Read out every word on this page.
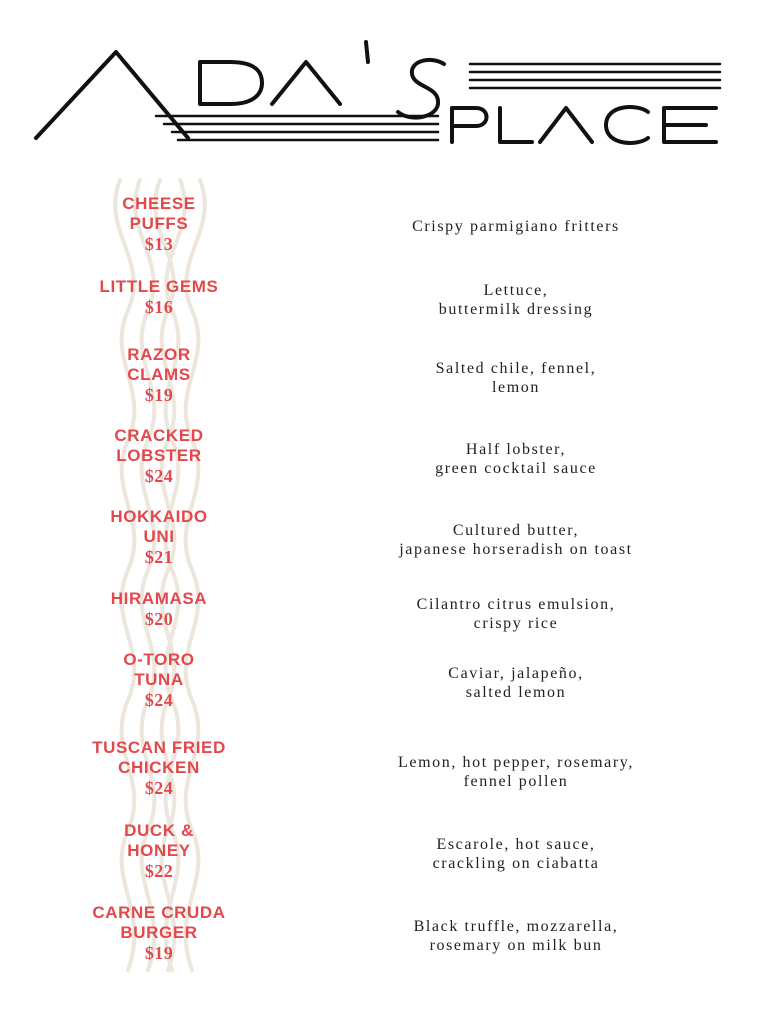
CHEESE
PUFFS
$13
Crispy parmigiano fritters
LITTLE GEMS
$16
Lettuce,
buttermilk dressing
RAZOR
CLAMS
$19
Salted chile, fennel,
lemon
CRACKED
LOBSTER
$24
Half lobster,
green cocktail sauce
HOKKAIDO
UNI
$21
Cultured butter,
japanese horseradish on toast
HIRAMASA
$20
Cilantro citrus emulsion,
crispy rice
O-TORO
TUNA
$24
Caviar, jalapeño,
salted lemon
TUSCAN FRIED
CHICKEN
$24
Lemon, hot pepper, rosemary,
fennel pollen
DUCK &
HONEY
$22
Escarole, hot sauce,
crackling on ciabatta
CARNE CRUDA
BURGER
$19
Black truffle, mozzarella,
rosemary on milk bun
